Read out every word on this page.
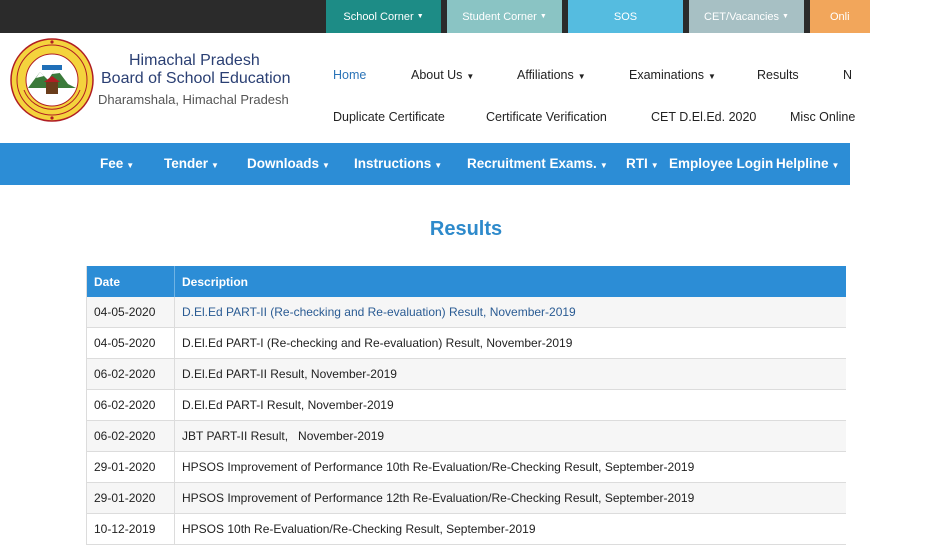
School Corner ▼	Student Corner ▼	SOS	CET/Vacancies ▼	Onli
Himachal Pradesh
Board of School Education
Dharamshala, Himachal Pradesh
Home	About Us ▼	Affiliations ▼	Examinations ▼	Results	N
Duplicate Certificate	Certificate Verification	CET D.El.Ed. 2020	Misc Online
Fee ▼ Tender ▼ Downloads ▼ Instructions ▼ Recruitment Exams. ▼ RTI ▼ Employee Login Helpline ▼
Results
Date	Description
04-05-2020	D.El.Ed PART-II (Re-checking and Re-evaluation) Result, November-2019
04-05-2020	D.El.Ed PART-I (Re-checking and Re-evaluation) Result, November-2019
06-02-2020	D.El.Ed PART-II Result, November-2019
06-02-2020	D.El.Ed PART-I Result, November-2019
06-02-2020	JBT PART-II Result,   November-2019
29-01-2020	HPSOS Improvement of Performance 10th Re-Evaluation/Re-Checking Result, September-2019
29-01-2020	HPSOS Improvement of Performance 12th Re-Evaluation/Re-Checking Result, September-2019
10-12-2019	HPSOS 10th Re-Evaluation/Re-Checking Result, September-2019
